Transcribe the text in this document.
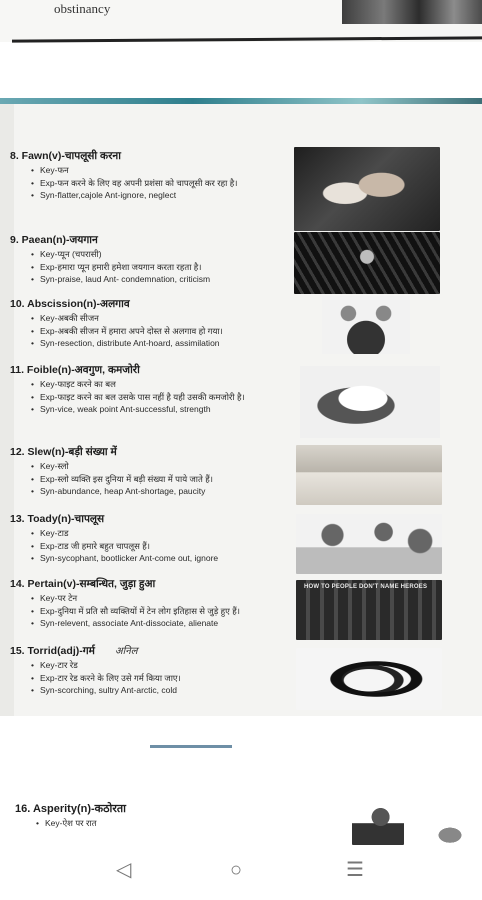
obstinancy
8. Fawn(v)-चापलूसी करना
• Key-फन
• Exp-फन करने के लिए वह अपनी प्रशंसा को चापलूसी कर रहा है।
• Syn-flatter,cajole Ant-ignore, neglect
9. Paean(n)-जयगान
• Key-प्यून (चपरासी)
• Exp-हमारा प्यून हमारी हमेशा जयगान करता रहता है।
• Syn-praise, laud Ant- condemnation, criticism
10. Abscission(n)-अलगाव
• Key-अबकी सीजन
• Exp-अबकी सीजन में हमारा अपने दोस्त से अलगाव हो गया।
• Syn-resection, distribute Ant-hoard, assimilation
11. Foible(n)-अवगुण, कमजोरी
• Key-फाइट करने का बल
• Exp-फाइट करने का बल उसके पास नहीं है यही उसकी कमजोरी है।
• Syn-vice, weak point Ant-successful, strength
12. Slew(n)-बड़ी संख्या में
• Key-स्लो
• Exp-स्लो व्यक्ति इस दुनिया में बड़ी संख्या में पाये जाते हैं।
• Syn-abundance, heap Ant-shortage, paucity
13. Toady(n)-चापलूस
• Key-टाड
• Exp-टाड जी हमारे बहुत चापलूस हैं।
• Syn-sycophant, bootlicker Ant-come out, ignore
14. Pertain(v)-सम्बन्धित, जुड़ा हुआ
• Key-पर टेन
• Exp-दुनिया में प्रति सौ व्यक्तियों में टेन लोग इतिहास से जुड़े हुए हैं।
• Syn-relevent, associate Ant-dissociate, alienate
15. Torrid(adj)-गर्म
• Key-टार रेड
• Exp-टार रेड करने के लिए उसे गर्म किया जाए।
• Syn-scorching, sultry Ant-arctic, cold
अनिल
HOW TO PEOPLE DON'T NAME HEROES
16. Asperity(n)-कठोरता
• Key-ऐश पर रात
◁	○	☰
